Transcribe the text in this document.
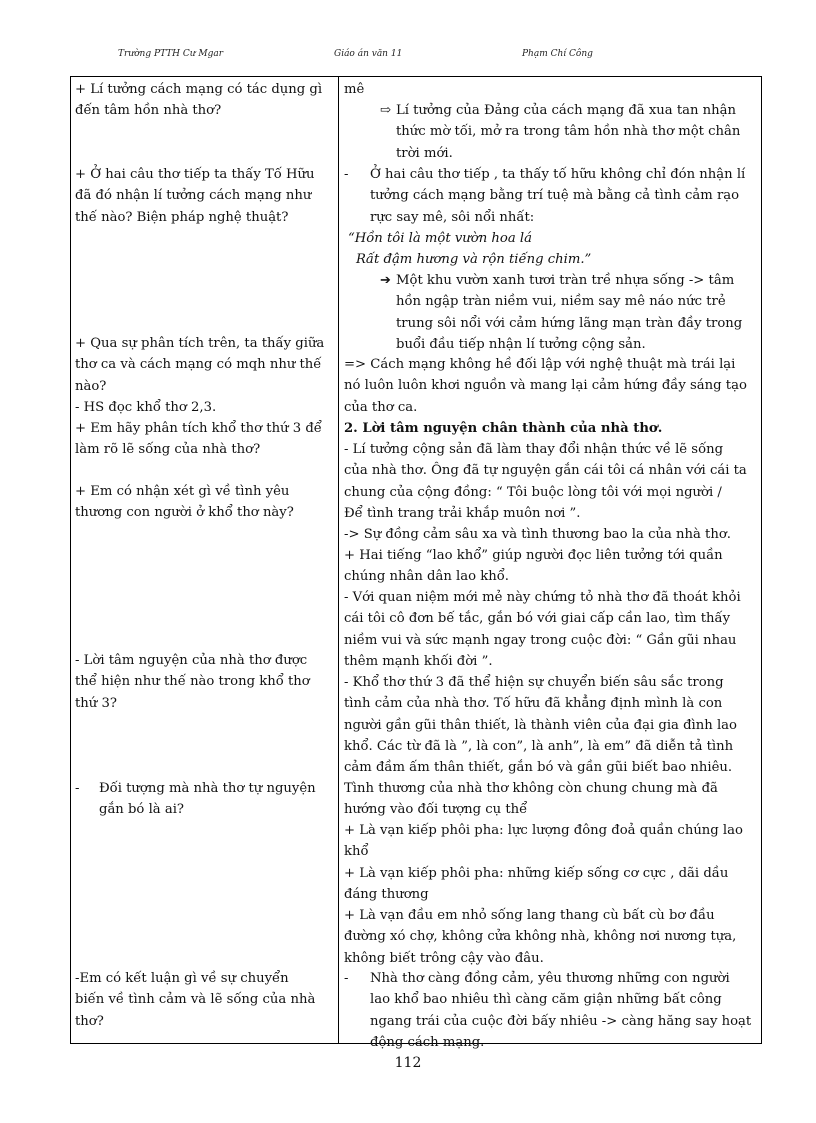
Trường PTTH Cư Mgar	Giáo án văn 11	Phạm Chí Công

+ Lí tưởng cách mạng có tác dụng gì
đến tâm hồn nhà thơ?

+ Ở hai câu thơ tiếp ta thấy Tố Hữu
đã đó nhận lí tưởng cách mạng như
thế nào? Biện pháp nghệ thuật?

+ Qua sự phân tích trên, ta thấy giữa
thơ ca và cách mạng có mqh như thế
nào?

- HS đọc khổ thơ 2,3.

+ Em hãy phân tích khổ thơ thứ 3 để
làm rõ lẽ sống của nhà thơ?

+ Em có nhận xét gì về tình yêu
thương con người ở khổ thơ này?

- Lời tâm nguyện của nhà thơ được
thể hiện như thế nào trong khổ thơ
thứ 3?

- Đối tượng mà nhà thơ tự nguyện
gắn bó là ai?

-Em có kết luận gì về sự chuyển
biến về tình cảm và lẽ sống của nhà
thơ?

mê

⇨ Lí tưởng của Đảng của cách mạng đã xua tan nhận
thức mờ tối, mở ra trong tâm hồn nhà thơ một chân
trời mới.

- Ở hai câu thơ tiếp , ta thấy tố hữu không chỉ đón nhận lí
tưởng cách mạng bằng trí tuệ mà bằng cả tình cảm rạo
rực say mê, sôi nổi nhất:

“Hồn tôi là một vườn hoa lá

Rất đậm hương và rộn tiếng chim.”

➔ Một khu vườn xanh tươi tràn trề nhựa sống -> tâm
hồn ngập tràn niềm vui, niềm say mê náo nức trẻ
trung sôi nổi với cảm hứng lãng mạn tràn đầy trong
buổi đầu tiếp nhận lí tưởng cộng sản.

=> Cách mạng không hề đối lập với nghệ thuật mà trái lại
nó luôn luôn khơi nguồn và mang lại cảm hứng đầy sáng tạo
của thơ ca.

2. Lời tâm nguyện chân thành của nhà thơ.

- Lí tưởng cộng sản đã làm thay đổi nhận thức về lẽ sống
của nhà thơ. Ông đã tự nguyện gắn cái tôi cá nhân với cái ta
chung của cộng đồng: “ Tôi buộc lòng tôi với mọi người /
Để tình trang trải khắp muôn nơi ”.

-> Sự đồng cảm sâu xa và tình thương bao la của nhà thơ.

+ Hai tiếng “lao khổ” giúp người đọc liên tưởng tới quần
chúng nhân dân lao khổ.

- Với quan niệm mới mẻ này chứng tỏ nhà thơ đã thoát khỏi
cái tôi cô đơn bế tắc, gắn bó với giai cấp cần lao, tìm thấy
niềm vui và sức mạnh ngay trong cuộc đời: “ Gần gũi nhau
thêm mạnh khối đời ”.

- Khổ thơ thứ 3 đã thể hiện sự chuyển biến sâu sắc trong
tình cảm của nhà thơ. Tố hữu đã khẳng định mình là con
người gần gũi thân thiết, là thành viên của đại gia đình lao
khổ. Các từ đã là ”, là con”, là anh”, là em” đã diễn tả tình
cảm đầm ấm thân thiết, gắn bó và gần gũi biết bao nhiêu.

Tình thương của nhà thơ không còn chung chung mà đã
hướng vào đối tượng cụ thể

+ Là vạn kiếp phôi pha: lực lượng đông đoả quần chúng lao
khổ

+ Là vạn kiếp phôi pha: những kiếp sống cơ cực , dãi dầu
đáng thương

+ Là vạn đầu em nhỏ sống lang thang cù bất cù bơ đầu
đường xó chợ, không cửa không nhà, không nơi nương tựa,
không biết trông cậy vào đâu.

- Nhà thơ càng đồng cảm, yêu thương những con người
lao khổ bao nhiêu thì càng căm giận những bất công
ngang trái của cuộc đời bấy nhiêu -> càng hăng say hoạt
động cách mạng.

112
